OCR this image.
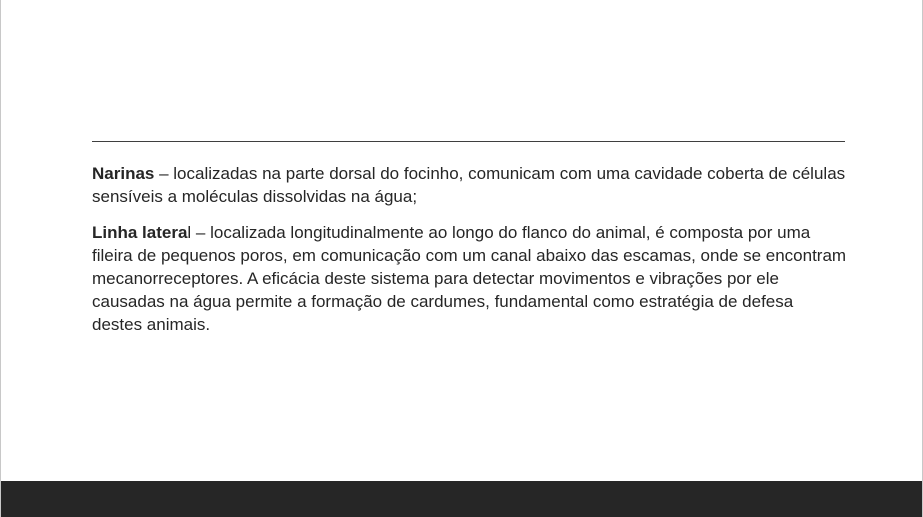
Narinas – localizadas na parte dorsal do focinho, comunicam com uma cavidade coberta de células sensíveis a moléculas dissolvidas na água;

Linha lateral – localizada longitudinalmente ao longo do flanco do animal, é composta por uma fileira de pequenos poros, em comunicação com um canal abaixo das escamas, onde se encontram mecanorreceptores. A eficácia deste sistema para detectar movimentos e vibrações por ele causadas na água permite a formação de cardumes, fundamental como estratégia de defesa destes animais.
